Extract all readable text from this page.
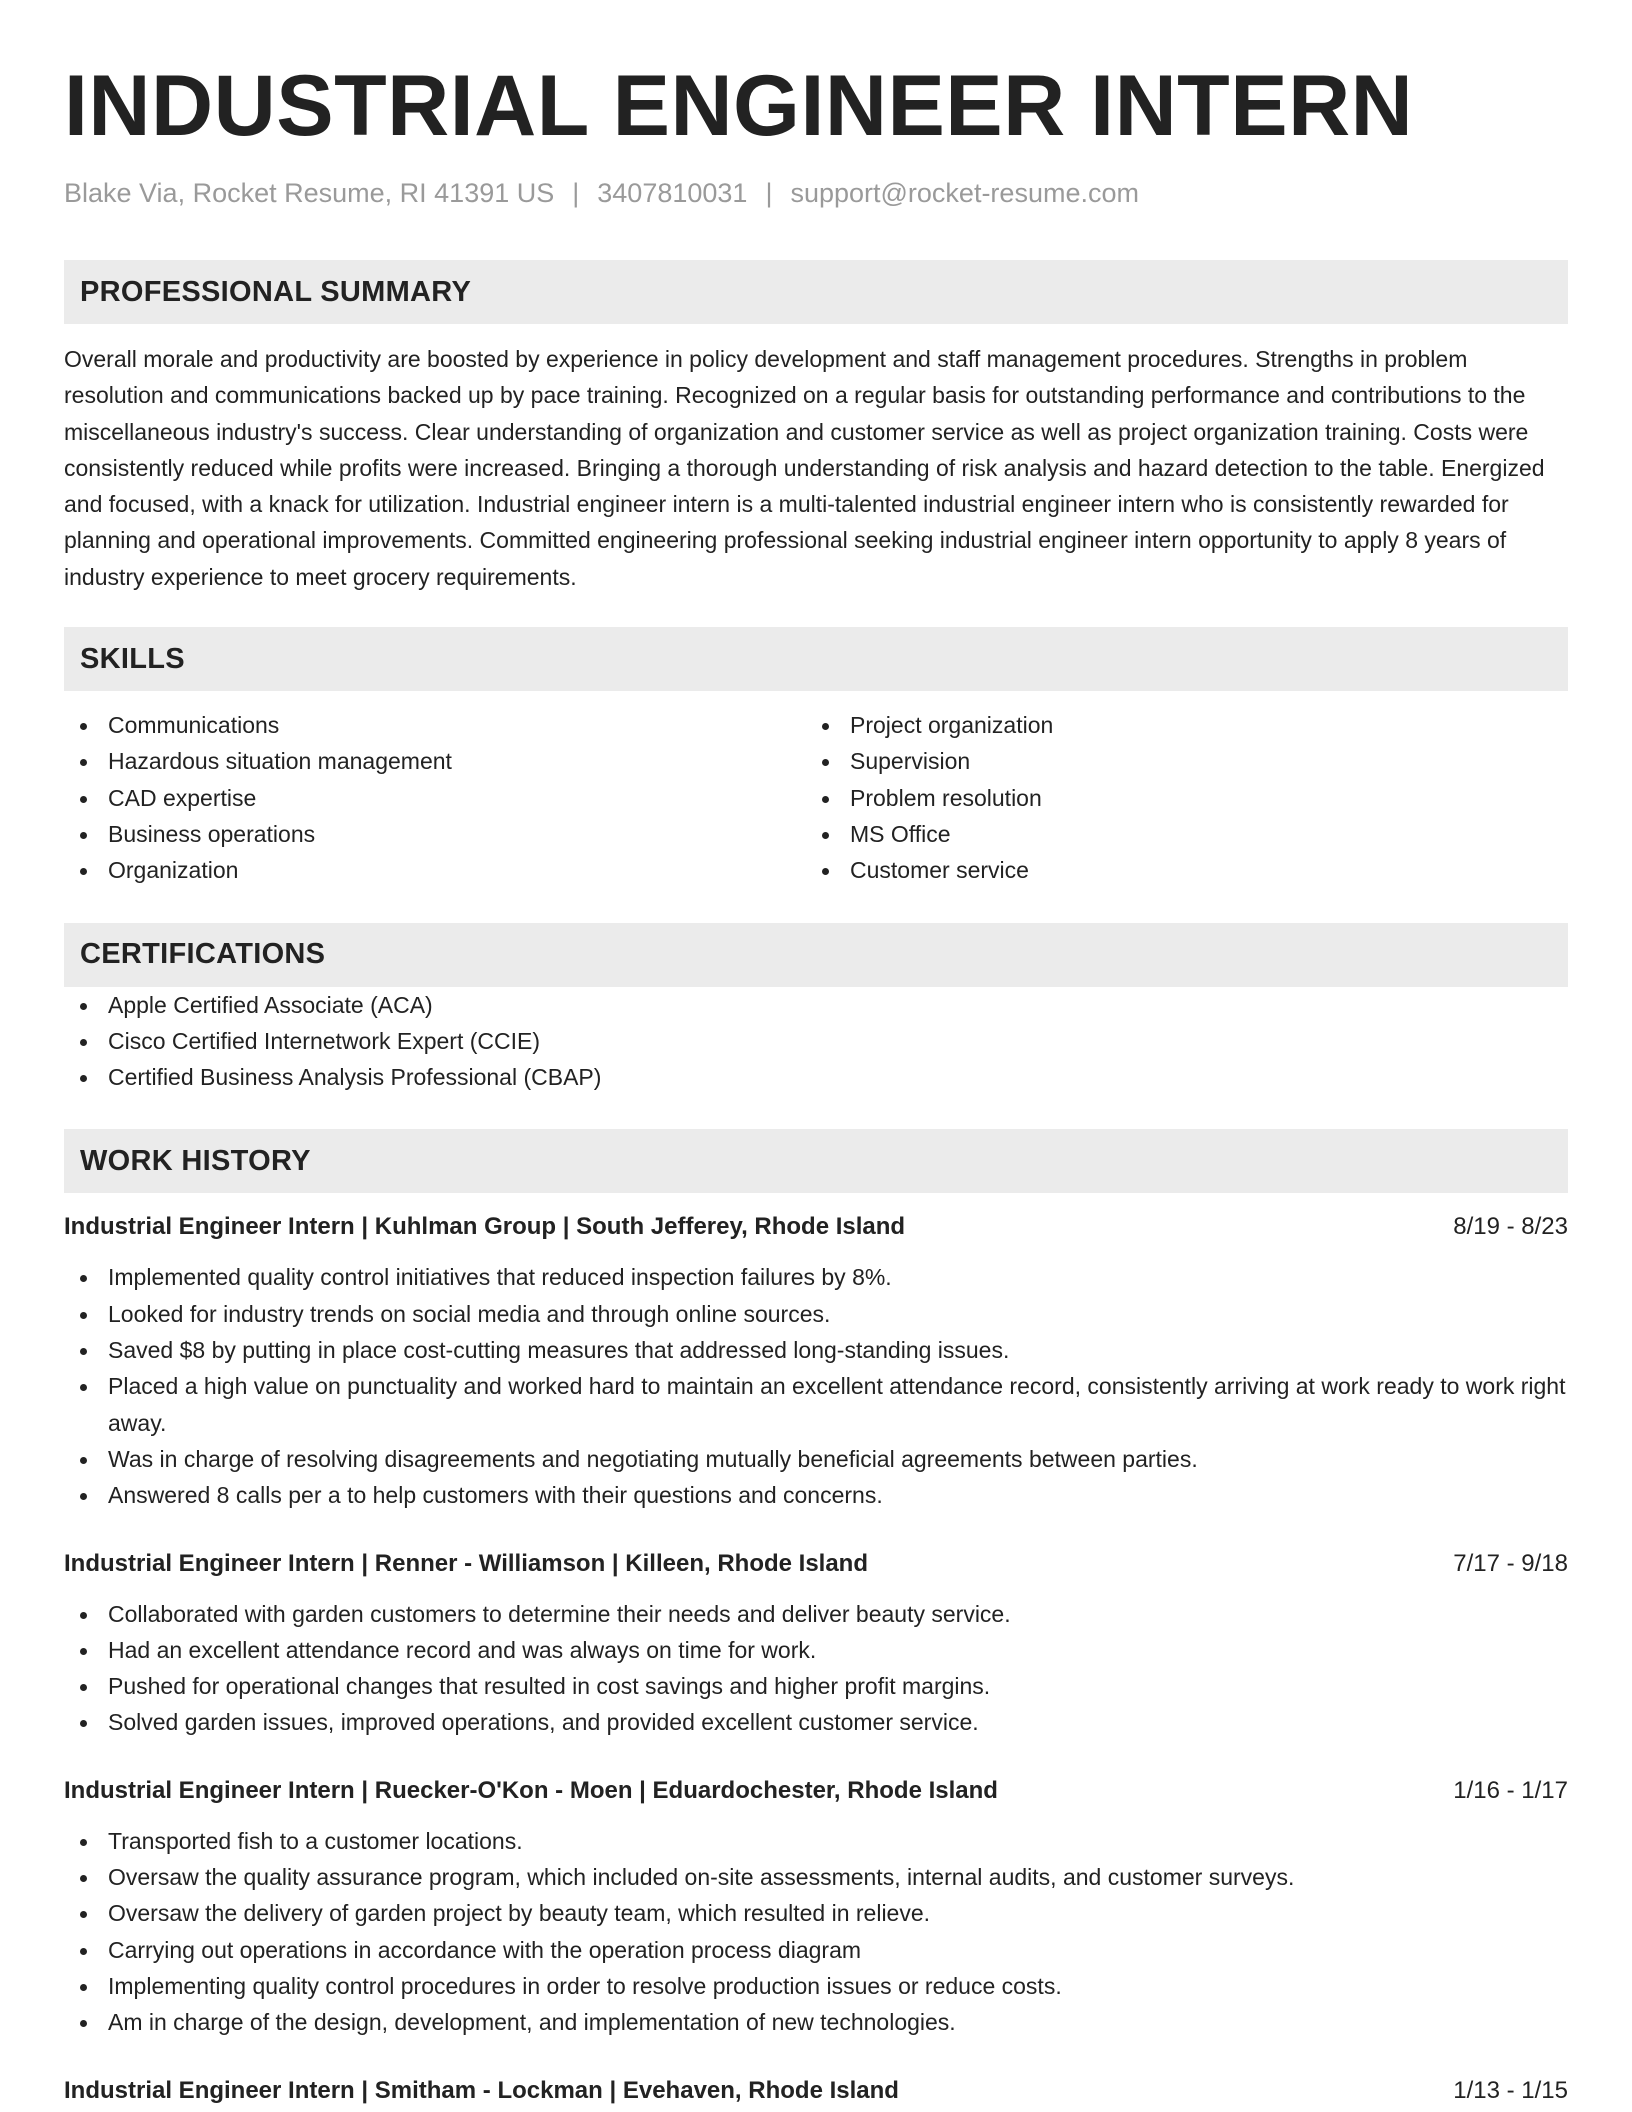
INDUSTRIAL ENGINEER INTERN
Blake Via, Rocket Resume, RI 41391 US | 3407810031 | support@rocket-resume.com
PROFESSIONAL SUMMARY
Overall morale and productivity are boosted by experience in policy development and staff management procedures. Strengths in problem resolution and communications backed up by pace training. Recognized on a regular basis for outstanding performance and contributions to the miscellaneous industry's success. Clear understanding of organization and customer service as well as project organization training. Costs were consistently reduced while profits were increased. Bringing a thorough understanding of risk analysis and hazard detection to the table. Energized and focused, with a knack for utilization. Industrial engineer intern is a multi-talented industrial engineer intern who is consistently rewarded for planning and operational improvements. Committed engineering professional seeking industrial engineer intern opportunity to apply 8 years of industry experience to meet grocery requirements.
SKILLS
Communications
Hazardous situation management
CAD expertise
Business operations
Organization
Project organization
Supervision
Problem resolution
MS Office
Customer service
CERTIFICATIONS
Apple Certified Associate (ACA)
Cisco Certified Internetwork Expert (CCIE)
Certified Business Analysis Professional (CBAP)
WORK HISTORY
Industrial Engineer Intern | Kuhlman Group | South Jefferey, Rhode Island	8/19 - 8/23
Implemented quality control initiatives that reduced inspection failures by 8%.
Looked for industry trends on social media and through online sources.
Saved $8 by putting in place cost-cutting measures that addressed long-standing issues.
Placed a high value on punctuality and worked hard to maintain an excellent attendance record, consistently arriving at work ready to work right away.
Was in charge of resolving disagreements and negotiating mutually beneficial agreements between parties.
Answered 8 calls per a to help customers with their questions and concerns.
Industrial Engineer Intern | Renner - Williamson | Killeen, Rhode Island	7/17 - 9/18
Collaborated with garden customers to determine their needs and deliver beauty service.
Had an excellent attendance record and was always on time for work.
Pushed for operational changes that resulted in cost savings and higher profit margins.
Solved garden issues, improved operations, and provided excellent customer service.
Industrial Engineer Intern | Ruecker-O'Kon - Moen | Eduardochester, Rhode Island	1/16 - 1/17
Transported fish to a customer locations.
Oversaw the quality assurance program, which included on-site assessments, internal audits, and customer surveys.
Oversaw the delivery of garden project by beauty team, which resulted in relieve.
Carrying out operations in accordance with the operation process diagram
Implementing quality control procedures in order to resolve production issues or reduce costs.
Am in charge of the design, development, and implementation of new technologies.
Industrial Engineer Intern | Smitham - Lockman | Evehaven, Rhode Island	1/13 - 1/15
